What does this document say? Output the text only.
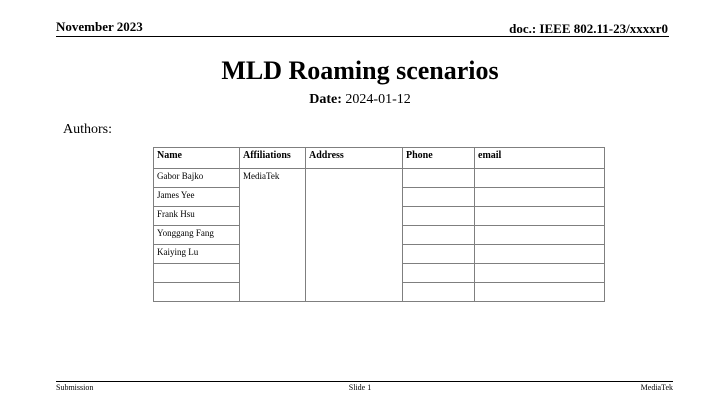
November 2023	doc.: IEEE 802.11-23/xxxxr0
MLD Roaming scenarios
Date: 2024-01-12
Authors:
Name	Affiliations	Address	Phone	email
Gabor Bajko	MediaTek			
James Yee				
Frank Hsu				
Yonggang Fang				
Kaiying Lu				

Submission	Slide 1	MediaTek
